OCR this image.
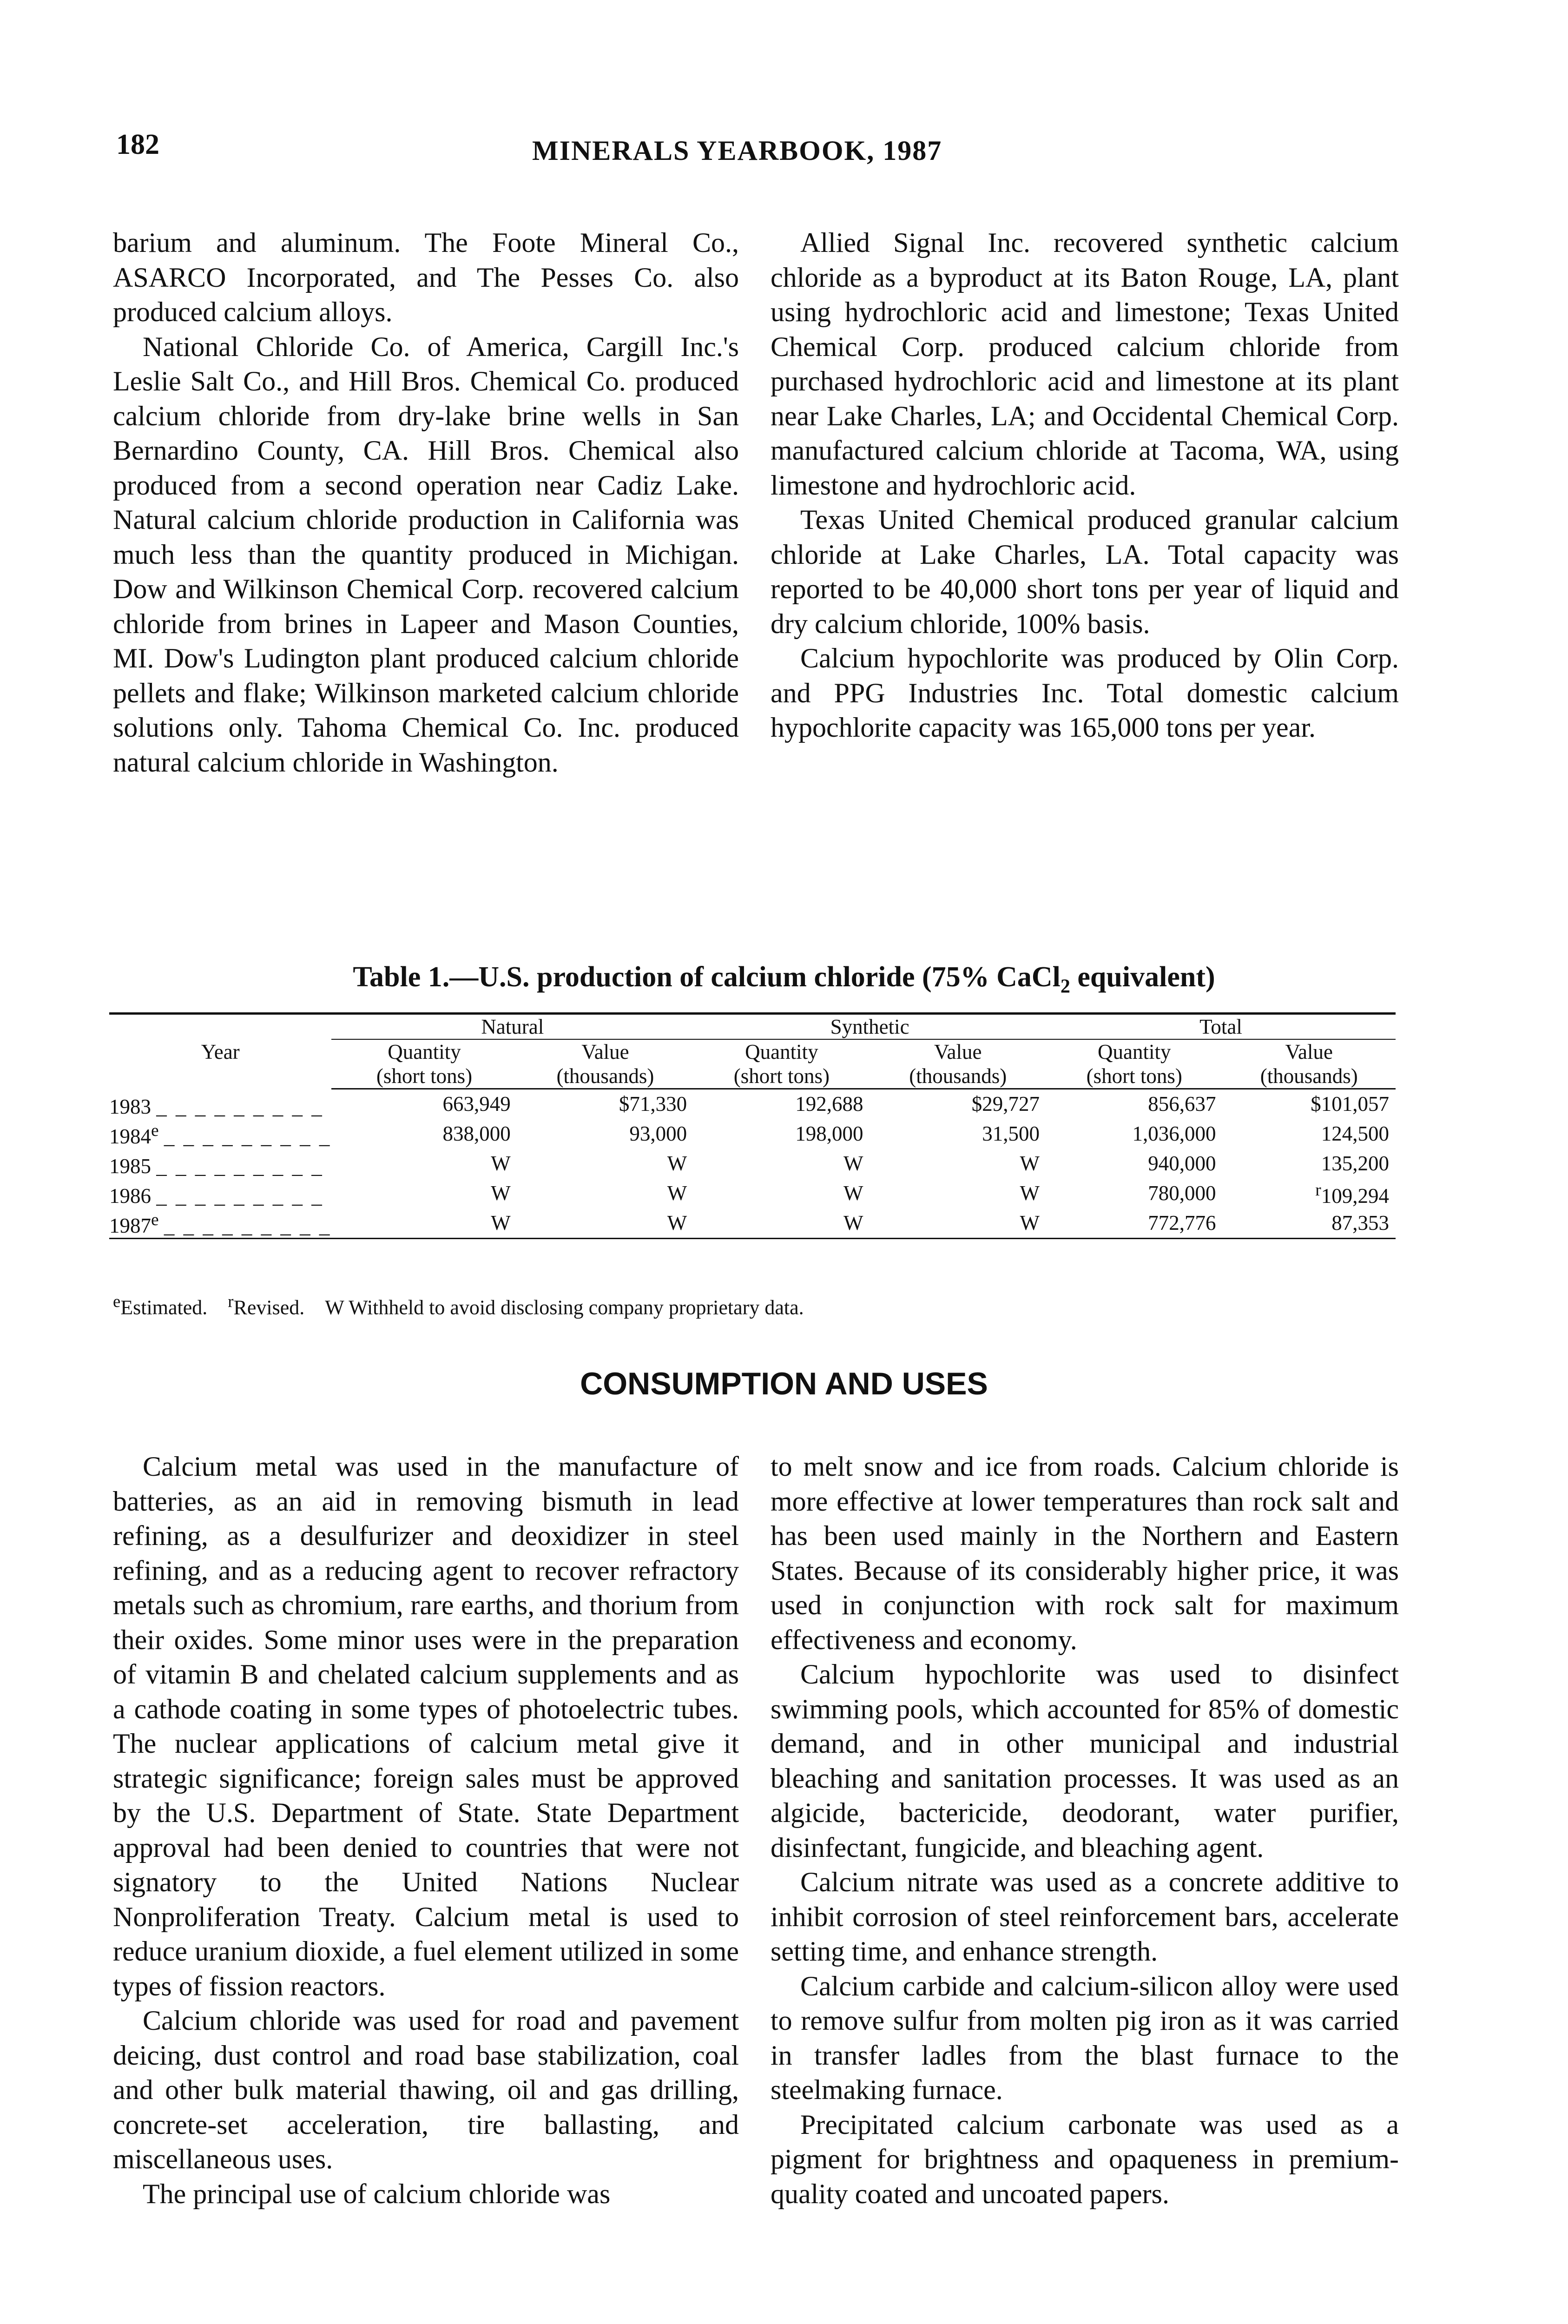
182	MINERALS YEARBOOK, 1987

barium and aluminum. The Foote Mineral Co., ASARCO Incorporated, and The Pesses Co. also produced calcium alloys.

National Chloride Co. of America, Cargill Inc.'s Leslie Salt Co., and Hill Bros. Chemical Co. produced calcium chloride from dry-lake brine wells in San Bernardino County, CA. Hill Bros. Chemical also produced from a second operation near Cadiz Lake. Natural calcium chloride production in California was much less than the quantity produced in Michigan. Dow and Wilkinson Chemical Corp. recovered calcium chloride from brines in Lapeer and Mason Counties, MI. Dow's Ludington plant produced calcium chloride pellets and flake; Wilkinson marketed calcium chloride solutions only. Tahoma Chemical Co. Inc. produced natural calcium chloride in Washington.

Allied Signal Inc. recovered synthetic calcium chloride as a byproduct at its Baton Rouge, LA, plant using hydrochloric acid and limestone; Texas United Chemical Corp. produced calcium chloride from purchased hydrochloric acid and limestone at its plant near Lake Charles, LA; and Occidental Chemical Corp. manufactured calcium chloride at Tacoma, WA, using limestone and hydrochloric acid.

Texas United Chemical produced granular calcium chloride at Lake Charles, LA. Total capacity was reported to be 40,000 short tons per year of liquid and dry calcium chloride, 100% basis.

Calcium hypochlorite was produced by Olin Corp. and PPG Industries Inc. Total domestic calcium hypochlorite capacity was 165,000 tons per year.

Table 1.—U.S. production of calcium chloride (75% CaCl$_2$ equivalent)
Year	Natural		Synthetic		Total	
	Quantity
(short tons)	Value
(thousands)	Quantity
(short tons)	Value
(thousands)	Quantity
(short tons)	Value
(thousands)
1983 _ _ _ _ _ _ _ _ _	663,949	$71,330	192,688	$29,727	856,637	$101,057
1984e _ _ _ _ _ _ _ _ _	838,000	93,000	198,000	31,500	1,036,000	124,500
1985 _ _ _ _ _ _ _ _ _	W	W	W	W	940,000	135,200
1986 _ _ _ _ _ _ _ _ _	W	W	W	W	780,000	$^r$109,294
1987e _ _ _ _ _ _ _ _ _	W	W	W	W	772,776	87,353
$^e$Estimated. $^r$Revised. W Withheld to avoid disclosing company proprietary data.
CONSUMPTION AND USES

Calcium metal was used in the manufacture of batteries, as an aid in removing bismuth in lead refining, as a desulfurizer and deoxidizer in steel refining, and as a reducing agent to recover refractory metals such as chromium, rare earths, and thorium from their oxides. Some minor uses were in the preparation of vitamin B and chelated calcium supplements and as a cathode coating in some types of photoelectric tubes. The nuclear applications of calcium metal give it strategic significance; foreign sales must be approved by the U.S. Department of State. State Department approval had been denied to countries that were not signatory to the United Nations Nuclear Nonproliferation Treaty. Calcium metal is used to reduce uranium dioxide, a fuel element utilized in some types of fission reactors.

Calcium chloride was used for road and pavement deicing, dust control and road base stabilization, coal and other bulk material thawing, oil and gas drilling, concrete-set acceleration, tire ballasting, and miscellaneous uses.

The principal use of calcium chloride was

to melt snow and ice from roads. Calcium chloride is more effective at lower temperatures than rock salt and has been used mainly in the Northern and Eastern States. Because of its considerably higher price, it was used in conjunction with rock salt for maximum effectiveness and economy.

Calcium hypochlorite was used to disinfect swimming pools, which accounted for 85% of domestic demand, and in other municipal and industrial bleaching and sanitation processes. It was used as an algicide, bactericide, deodorant, water purifier, disinfectant, fungicide, and bleaching agent.

Calcium nitrate was used as a concrete additive to inhibit corrosion of steel reinforcement bars, accelerate setting time, and enhance strength.

Calcium carbide and calcium-silicon alloy were used to remove sulfur from molten pig iron as it was carried in transfer ladles from the blast furnace to the steelmaking furnace.

Precipitated calcium carbonate was used as a pigment for brightness and opaqueness in premium-quality coated and uncoated papers.
